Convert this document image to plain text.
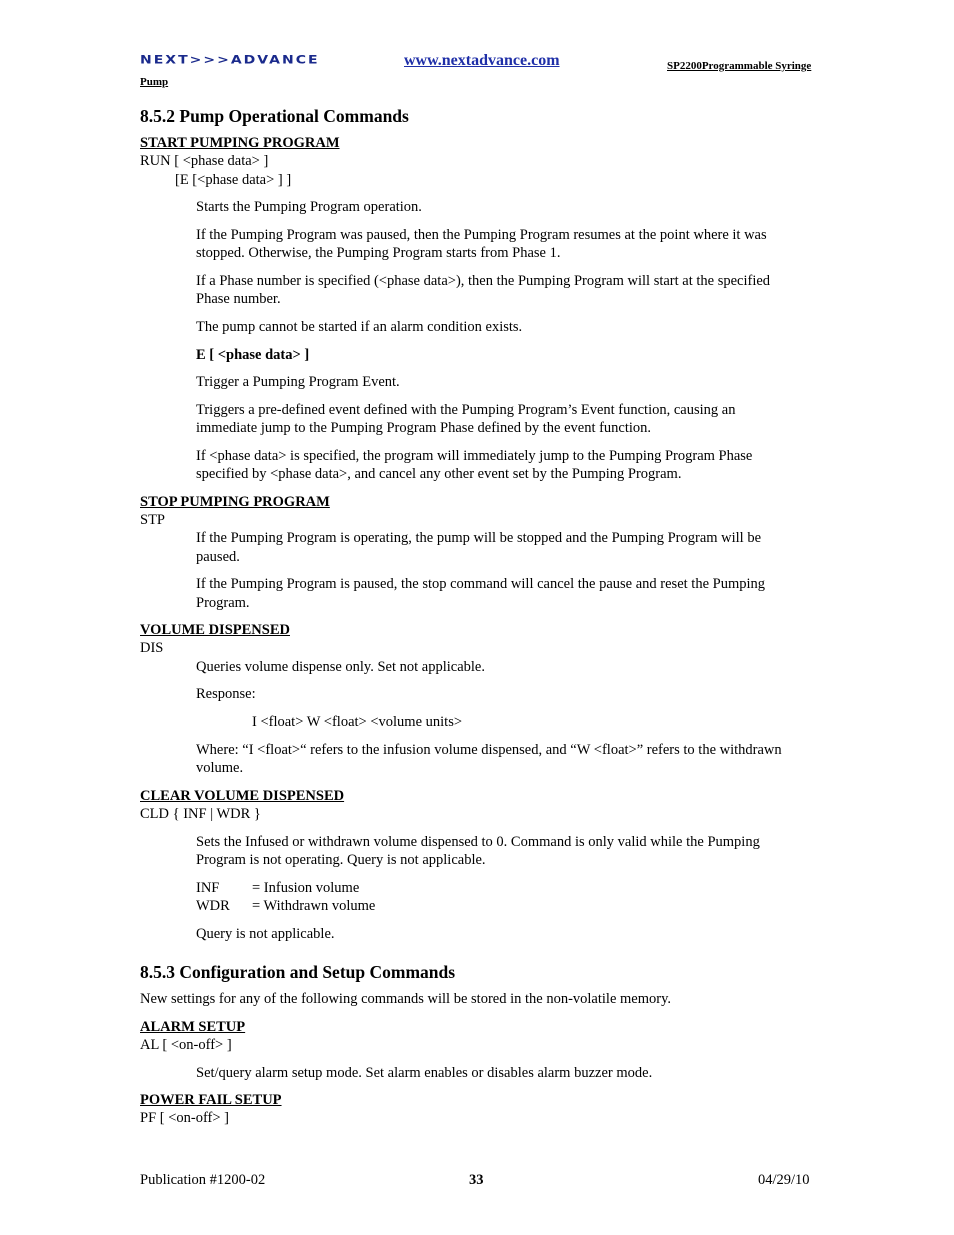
NEXT>>>ADVANCE	www.nextadvance.com	SP2200Programmable Syringe
Pump
8.5.2 Pump Operational Commands
START PUMPING PROGRAM
RUN [ <phase data> ]
[E [<phase data> ] ]
Starts the Pumping Program operation.
If the Pumping Program was paused, then the Pumping Program resumes at the point where it was
stopped. Otherwise, the Pumping Program starts from Phase 1.
If a Phase number is specified (<phase data>), then the Pumping Program will start at the specified
Phase number.
The pump cannot be started if an alarm condition exists.
E [ <phase data> ]
Trigger a Pumping Program Event.
Triggers a pre-defined event defined with the Pumping Program’s Event function, causing an
immediate jump to the Pumping Program Phase defined by the event function.
If <phase data> is specified, the program will immediately jump to the Pumping Program Phase
specified by <phase data>, and cancel any other event set by the Pumping Program.
STOP PUMPING PROGRAM
STP
If the Pumping Program is operating, the pump will be stopped and the Pumping Program will be
paused.
If the Pumping Program is paused, the stop command will cancel the pause and reset the Pumping
Program.
VOLUME DISPENSED
DIS
Queries volume dispense only. Set not applicable.
Response:
I <float> W <float> <volume units>
Where: “I <float>“ refers to the infusion volume dispensed, and “W <float>” refers to the withdrawn
volume.
CLEAR VOLUME DISPENSED
CLD { INF | WDR }
Sets the Infused or withdrawn volume dispensed to 0. Command is only valid while the Pumping
Program is not operating. Query is not applicable.
INF = Infusion volume
WDR = Withdrawn volume
Query is not applicable.
8.5.3 Configuration and Setup Commands
New settings for any of the following commands will be stored in the non-volatile memory.
ALARM SETUP
AL [ <on-off> ]
Set/query alarm setup mode. Set alarm enables or disables alarm buzzer mode.
POWER FAIL SETUP
PF [ <on-off> ]
Publication #1200-02	33	04/29/10
